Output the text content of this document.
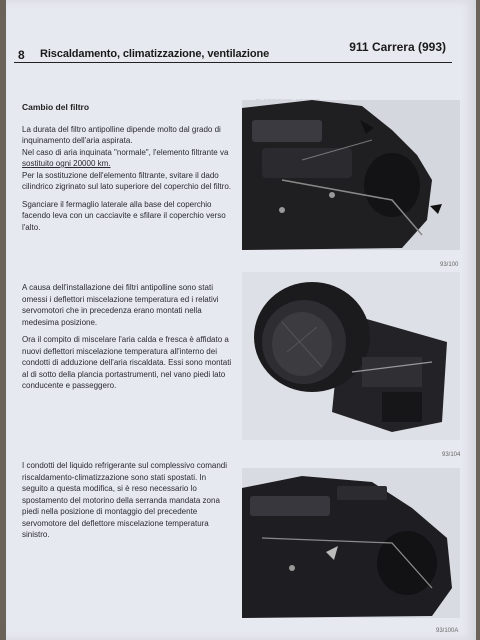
8 Riscaldamento, climatizzazione, ventilazione	911 Carrera (993)
Cambio del filtro

La durata del filtro antipolline dipende molto dal grado di inquinamento dell'aria aspirata.
Nel caso di aria inquinata "normale", l'elemento filtrante va sostituito ogni 20000 km.
Per la sostituzione dell'elemento filtrante, svitare il dado cilindrico zigrinato sul lato superiore del coperchio del filtro.

Sganciare il fermaglio laterale alla base del coperchio facendo leva con un cacciavite e sfilare il coperchio verso l'alto.

A causa dell'installazione dei filtri antipolline sono stati omessi i deflettori miscelazione temperatura ed i relativi servomotori che in precedenza erano montati nella medesima posizione.

Ora il compito di miscelare l'aria calda e fresca è affidato a nuovi deflettori miscelazione temperatura all'interno dei condotti di adduzione dell'aria riscaldata. Essi sono montati al di sotto della plancia portastrumenti, nel vano piedi lato conducente e passeggero.

I condotti del liquido refrigerante sul complessivo comandi riscaldamento-climatizzazione sono stati spostati. In seguito a questa modifica, si è reso necessario lo spostamento del motorino della serranda mandata zona piedi nella posizione di montaggio del precedente servomotore del deflettore miscelazione temperatura sinistro.

93/100
93/104
93/100A
